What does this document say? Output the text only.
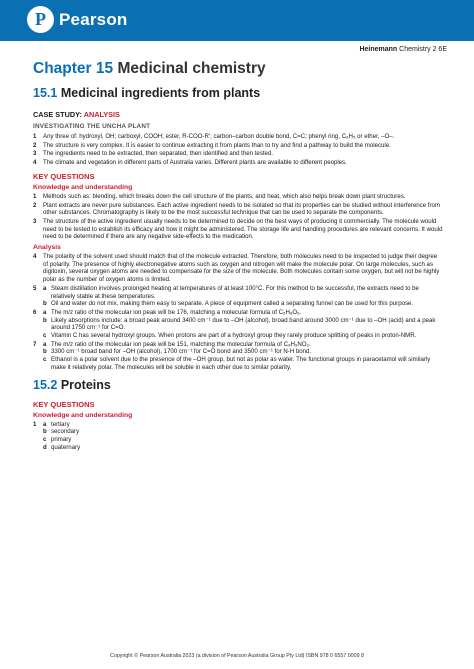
P Pearson
Heinemann Chemistry 2 6E
Chapter 15 Medicinal chemistry
15.1 Medicinal ingredients from plants
CASE STUDY: ANALYSIS
INVESTIGATING THE UNCHA PLANT
1	Any three of: hydroxyl, OH; carboxyl, COOH; ester, R-COO-R'; carbon–carbon double bond, C=C; phenyl ring, C₆H₅ or ether, –O–.
2	The structure is very complex. It is easier to continue extracting it from plants than to try and find a pathway to build the molecule.
3	The ingredients need to be extracted, then separated, then identified and then tested.
4	The climate and vegetation in different parts of Australia varies. Different plants are available to different peoples.
KEY QUESTIONS
Knowledge and understanding
1	Methods such as: blending, which breaks down the cell structure of the plants, and heat, which also helps break down plant structures.
2	Plant extracts are never pure substances. Each active ingredient needs to be isolated so that its properties can be studied without interference from other substances. Chromatography is likely to be the most successful technique that can be used to separate the components.
3	The structure of the active ingredient usually needs to be determined to decide on the best ways of producing it commercially. The molecule would need to be tested to establish its efficacy and how it might be administered. The storage life and handling procedures are relevant concerns. It would need to be determined if there are any negative side-effects to the medication.
Analysis
4	The polarity of the solvent used should match that of the molecule extracted. Therefore, both molecules need to be inspected to judge their degree of polarity. The presence of highly electronegative atoms such as oxygen and nitrogen will make the molecule polar. On large molecules, such as digitoxin, several oxygen atoms are needed to compensate for the size of the molecule. Both molecules contain some oxygen, but will not be highly polar as the number of oxygen atoms is limited.
5	a Steam distillation involves prolonged heating at temperatures of at least 100°C. For this method to be successful, the extracts need to be relatively stable at these temperatures.
b Oil and water do not mix, making them easy to separate. A piece of equipment called a separating funnel can be used for this purpose.
6	a The m/z ratio of the molecular ion peak will be 176, matching a molecular formula of C₆H₈O₆.
b Likely absorptions include: a broad peak around 3400 cm⁻¹ due to –OH (alcohol), broad band around 3000 cm⁻¹ due to –OH (acid) and a peak around 1750 cm⁻¹ for C=O.
c Vitamin C has several hydroxyl groups. When protons are part of a hydroxyl group they rarely produce splitting of peaks in proton-NMR.
7	a The m/z ratio of the molecular ion peak will be 151, matching the molecular formula of C₈H₉NO₂.
b 3300 cm⁻¹ broad band for –OH (alcohol), 1700 cm⁻¹ for C=O bond and 3500 cm⁻¹ for N-H bond.
c Ethanol is a polar solvent due to the presence of the –OH group, but not as polar as water. The functional groups in paracetamol will similarly make it relatively polar. The molecules will be soluble in each other due to similar polarity.
15.2 Proteins
KEY QUESTIONS
Knowledge and understanding
1	a tertiary
b secondary
c primary
d quaternary
Copyright © Pearson Australia 2023 (a division of Pearson Australia Group Pty Ltd) ISBN 978 0 6557 0009 8
